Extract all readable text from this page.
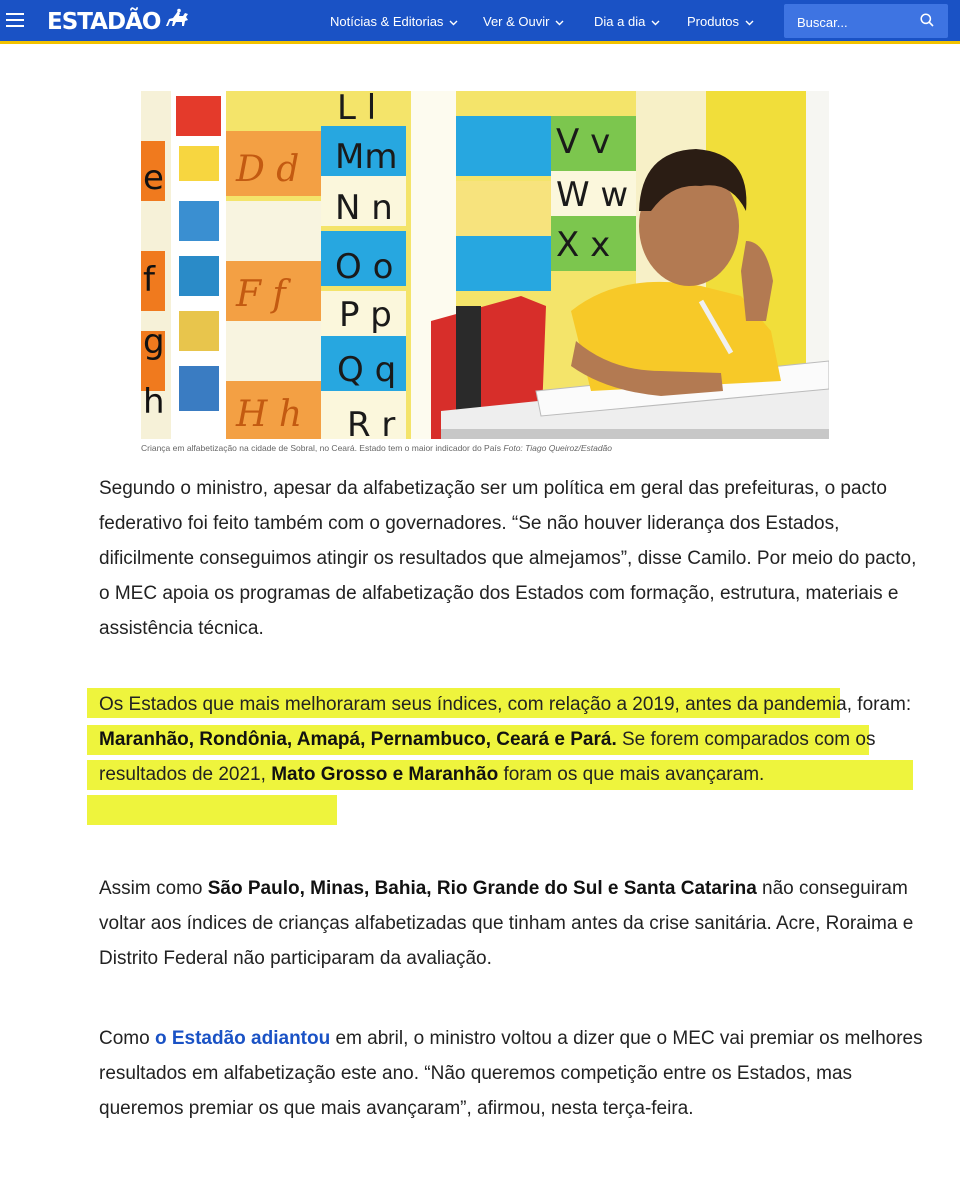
ESTADÃO	Notícias & Editorias	Ver & Ouvir	Dia a dia	Produtos	Buscar...
Mm
N n
O o
P p
Q q
R r
V v
W w
X x
e
f
g
h
L l
D d
F f
H h
Criança em alfabetização na cidade de Sobral, no Ceará. Estado tem o maior indicador do País Foto: Tiago Queiroz/Estadão

Segundo o ministro, apesar da alfabetização ser um política em geral das prefeituras, o pacto federativo foi feito também com o governadores. “Se não houver liderança dos Estados, dificilmente conseguimos atingir os resultados que almejamos”, disse Camilo. Por meio do pacto, o MEC apoia os programas de alfabetização dos Estados com formação, estrutura, materiais e assistência técnica.

Os Estados que mais melhoraram seus índices, com relação a 2019, antes da pandemia, foram: Maranhão, Rondônia, Amapá, Pernambuco, Ceará e Pará. Se forem comparados com os resultados de 2021, Mato Grosso e Maranhão foram os que mais avançaram.

Assim como São Paulo, Minas, Bahia, Rio Grande do Sul e Santa Catarina não conseguiram voltar aos índices de crianças alfabetizadas que tinham antes da crise sanitária. Acre, Roraima e Distrito Federal não participaram da avaliação.

Como o Estadão adiantou em abril, o ministro voltou a dizer que o MEC vai premiar os melhores resultados em alfabetização este ano. “Não queremos competição entre os Estados, mas queremos premiar os que mais avançaram”, afirmou, nesta terça-feira.
